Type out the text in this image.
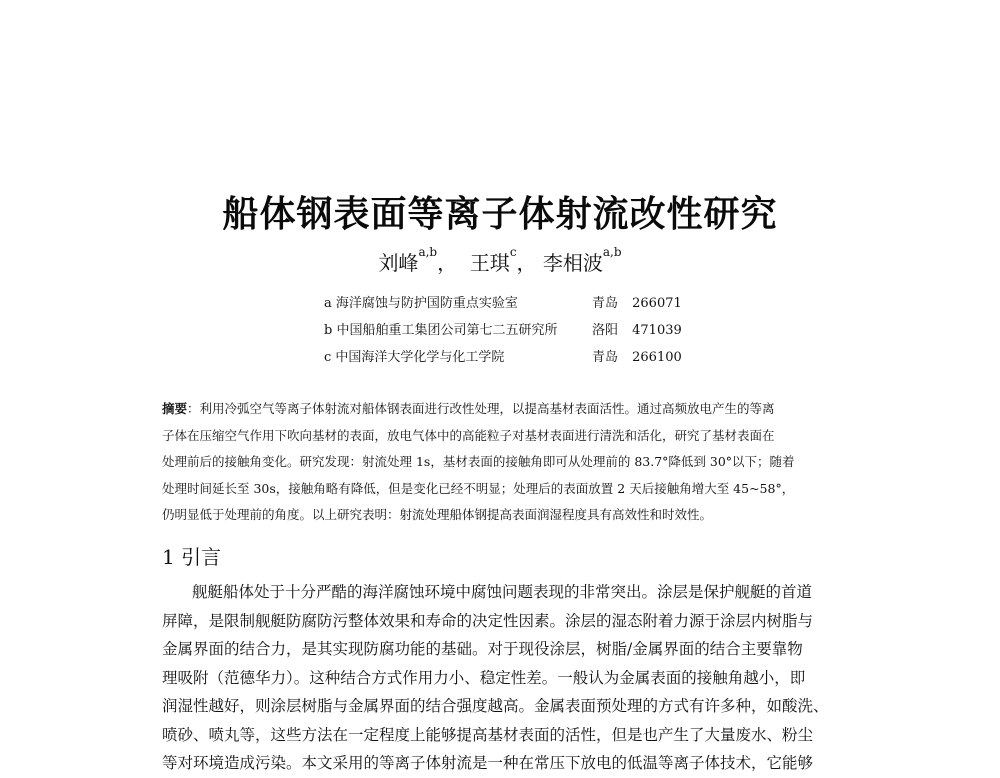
船体钢表面等离子体射流改性研究
刘峰$^{a,b}$， 王琪$^c$， 李相波$^{a,b}$
a 海洋腐蚀与防护国防重点实验室	青岛 266071
b 中国船舶重工集团公司第七二五研究所	洛阳 471039
c 中国海洋大学化学与化工学院	青岛 266100
摘要：利用冷弧空气等离子体射流对船体钢表面进行改性处理，以提高基材表面活性。通过高频放电产生的等离
子体在压缩空气作用下吹向基材的表面，放电气体中的高能粒子对基材表面进行清洗和活化，研究了基材表面在
处理前后的接触角变化。研究发现：射流处理 1s，基材表面的接触角即可从处理前的 83.7°降低到 30°以下；随着
处理时间延长至 30s，接触角略有降低，但是变化已经不明显；处理后的表面放置 2 天后接触角增大至 45~58°，
仍明显低于处理前的角度。以上研究表明：射流处理船体钢提高表面润湿程度具有高效性和时效性。
1 引言
舰艇船体处于十分严酷的海洋腐蚀环境中腐蚀问题表现的非常突出。涂层是保护舰艇的首道
屏障，是限制舰艇防腐防污整体效果和寿命的决定性因素。涂层的湿态附着力源于涂层内树脂与
金属界面的结合力，是其实现防腐功能的基础。对于现役涂层，树脂/金属界面的结合主要靠物
理吸附（范德华力）。这种结合方式作用力小、稳定性差。一般认为金属表面的接触角越小，即
润湿性越好，则涂层树脂与金属界面的结合强度越高。金属表面预处理的方式有许多种，如酸洗、
喷砂、喷丸等，这些方法在一定程度上能够提高基材表面的活性，但是也产生了大量废水、粉尘
等对环境造成污染。本文采用的等离子体射流是一种在常压下放电的低温等离子体技术，它能够
